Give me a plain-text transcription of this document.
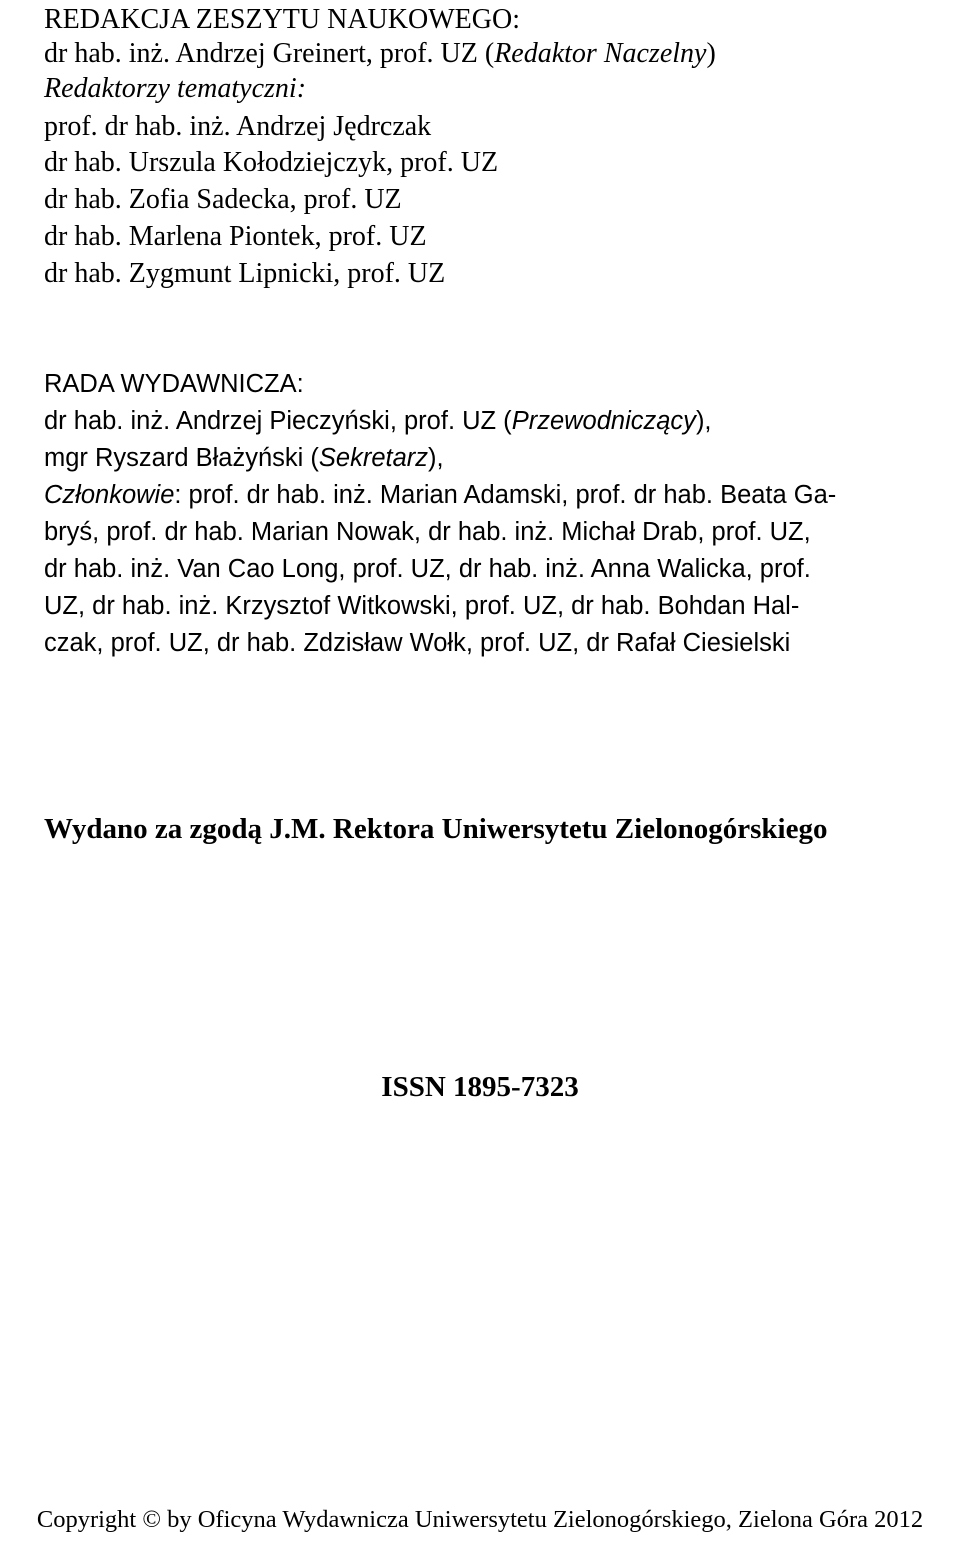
REDAKCJA ZESZYTU NAUKOWEGO:

dr hab. inż. Andrzej Greinert, prof. UZ (Redaktor Naczelny)

Redaktorzy tematyczni:

prof. dr hab. inż. Andrzej Jędrczak

dr hab. Urszula Kołodziejczyk, prof. UZ

dr hab. Zofia Sadecka, prof. UZ

dr hab. Marlena Piontek, prof. UZ

dr hab. Zygmunt Lipnicki, prof. UZ

RADA WYDAWNICZA:

dr hab. inż. Andrzej Pieczyński, prof. UZ (Przewodniczący),

mgr Ryszard Błażyński (Sekretarz),

Członkowie: prof. dr hab. inż. Marian Adamski, prof. dr hab. Beata Ga-

bryś, prof. dr hab. Marian Nowak, dr hab. inż. Michał Drab, prof. UZ,

dr hab. inż. Van Cao Long, prof. UZ, dr hab. inż. Anna Walicka, prof.

UZ, dr hab. inż. Krzysztof Witkowski, prof. UZ, dr hab. Bohdan Hal-

czak, prof. UZ, dr hab. Zdzisław Wołk, prof. UZ, dr Rafał Ciesielski

Wydano za zgodą J.M. Rektora Uniwersytetu Zielonogórskiego

ISSN 1895-7323

Copyright © by Oficyna Wydawnicza Uniwersytetu Zielonogórskiego, Zielona Góra 2012
